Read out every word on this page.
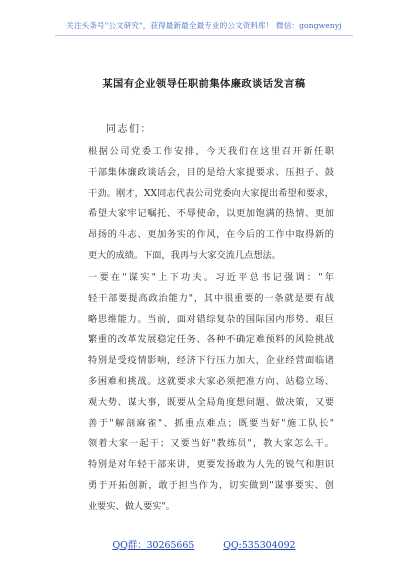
关注头条号"公文研究"，获得最新最全最专业的公文资料库！ 微信：gongwenyj
某国有企业领导任职前集体廉政谈话发言稿
同志们：
根据公司党委工作安排，今天我们在这里召开新任职
干部集体廉政谈话会，目的是给大家提要求、压担子、鼓
干劲。刚才，XX同志代表公司党委向大家提出希望和要求，
希望大家牢记嘱托、不辱使命，以更加饱满的热情、更加
昂扬的斗志、更加务实的作风，在今后的工作中取得新的
更大的成绩。下面，我再与大家交流几点想法。
一要在"谋实"上下功夫。习近平总书记强调："年
轻干部要提高政治能力"，其中很重要的一条就是要有战
略思维能力。当前，面对错综复杂的国际国内形势、艰巨
繁重的改革发展稳定任务、各种不确定难预料的风险挑战
特别是受疫情影响，经济下行压力加大，企业经营面临诸
多困难和挑战。这就要求大家必须把准方向、站稳立场、
观大势、谋大事，既要从全局角度想问题、做决策，又要
善于"解剖麻雀"、抓重点难点；既要当好"施工队长"
领着大家一起干；又要当好"教练员"，教大家怎么干。
特别是对年轻干部来讲，更要发扬敢为人先的锐气和胆识
勇于开拓创新，敢于担当作为，切实做到"谋事要实、创
业要实、做人要实"。
QQ群：30265665	QQ:535304092
